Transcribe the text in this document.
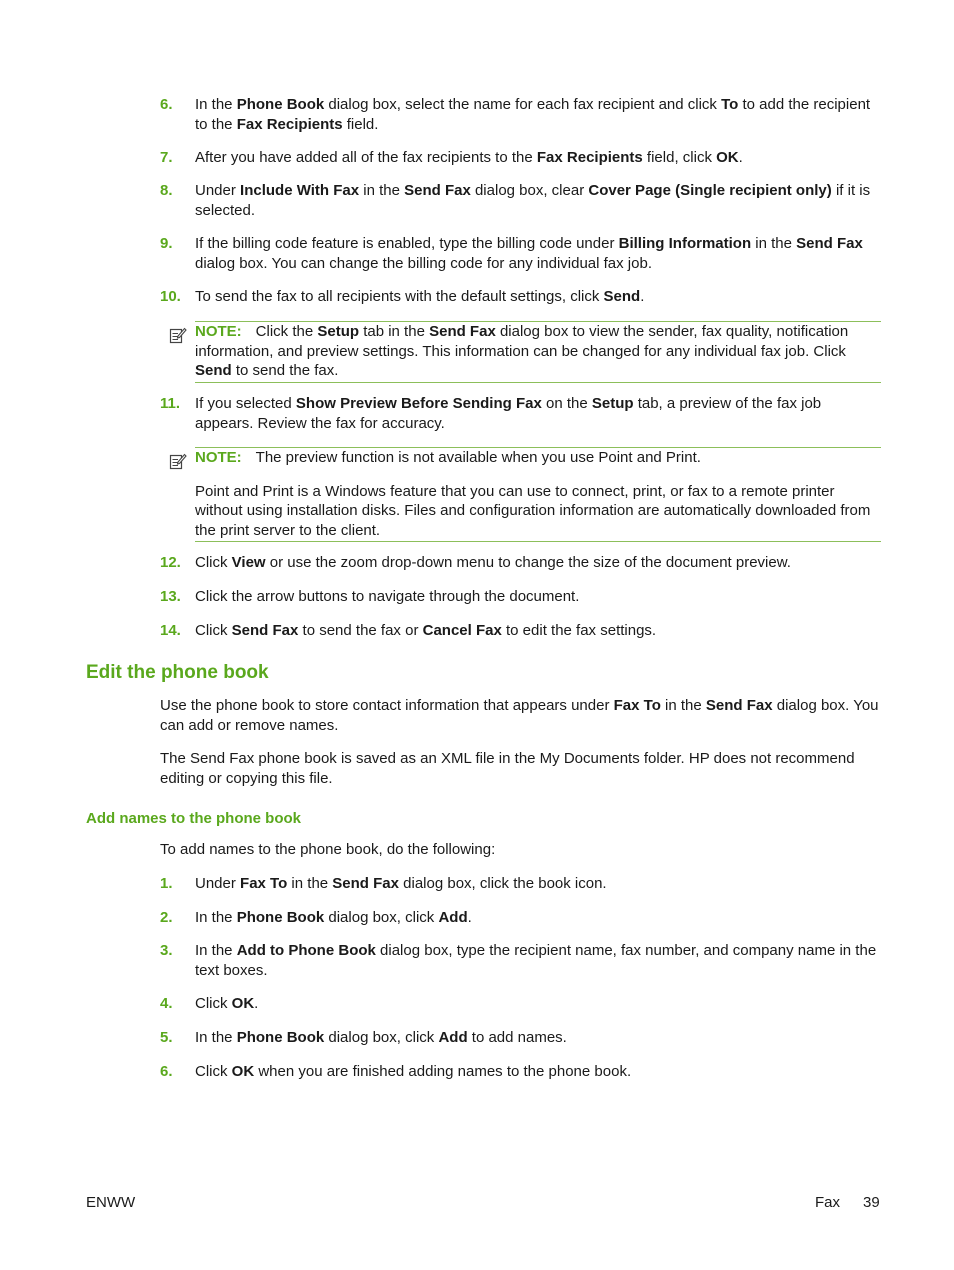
6. In the Phone Book dialog box, select the name for each fax recipient and click To to add the recipient to the Fax Recipients field.
7. After you have added all of the fax recipients to the Fax Recipients field, click OK.
8. Under Include With Fax in the Send Fax dialog box, clear Cover Page (Single recipient only) if it is selected.
9. If the billing code feature is enabled, type the billing code under Billing Information in the Send Fax dialog box. You can change the billing code for any individual fax job.
10. To send the fax to all recipients with the default settings, click Send.

NOTE: Click the Setup tab in the Send Fax dialog box to view the sender, fax quality, notification information, and preview settings. This information can be changed for any individual fax job. Click Send to send the fax.

11. If you selected Show Preview Before Sending Fax on the Setup tab, a preview of the fax job appears. Review the fax for accuracy.

NOTE: The preview function is not available when you use Point and Print.

Point and Print is a Windows feature that you can use to connect, print, or fax to a remote printer without using installation disks. Files and configuration information are automatically downloaded from the print server to the client.

12. Click View or use the zoom drop-down menu to change the size of the document preview.
13. Click the arrow buttons to navigate through the document.
14. Click Send Fax to send the fax or Cancel Fax to edit the fax settings.
Edit the phone book

Use the phone book to store contact information that appears under Fax To in the Send Fax dialog box. You can add or remove names.

The Send Fax phone book is saved as an XML file in the My Documents folder. HP does not recommend editing or copying this file.

Add names to the phone book

To add names to the phone book, do the following:

1. Under Fax To in the Send Fax dialog box, click the book icon.
2. In the Phone Book dialog box, click Add.
3. In the Add to Phone Book dialog box, type the recipient name, fax number, and company name in the text boxes.
4. Click OK.
5. In the Phone Book dialog box, click Add to add names.
6. Click OK when you are finished adding names to the phone book.
ENWW	Fax 39
